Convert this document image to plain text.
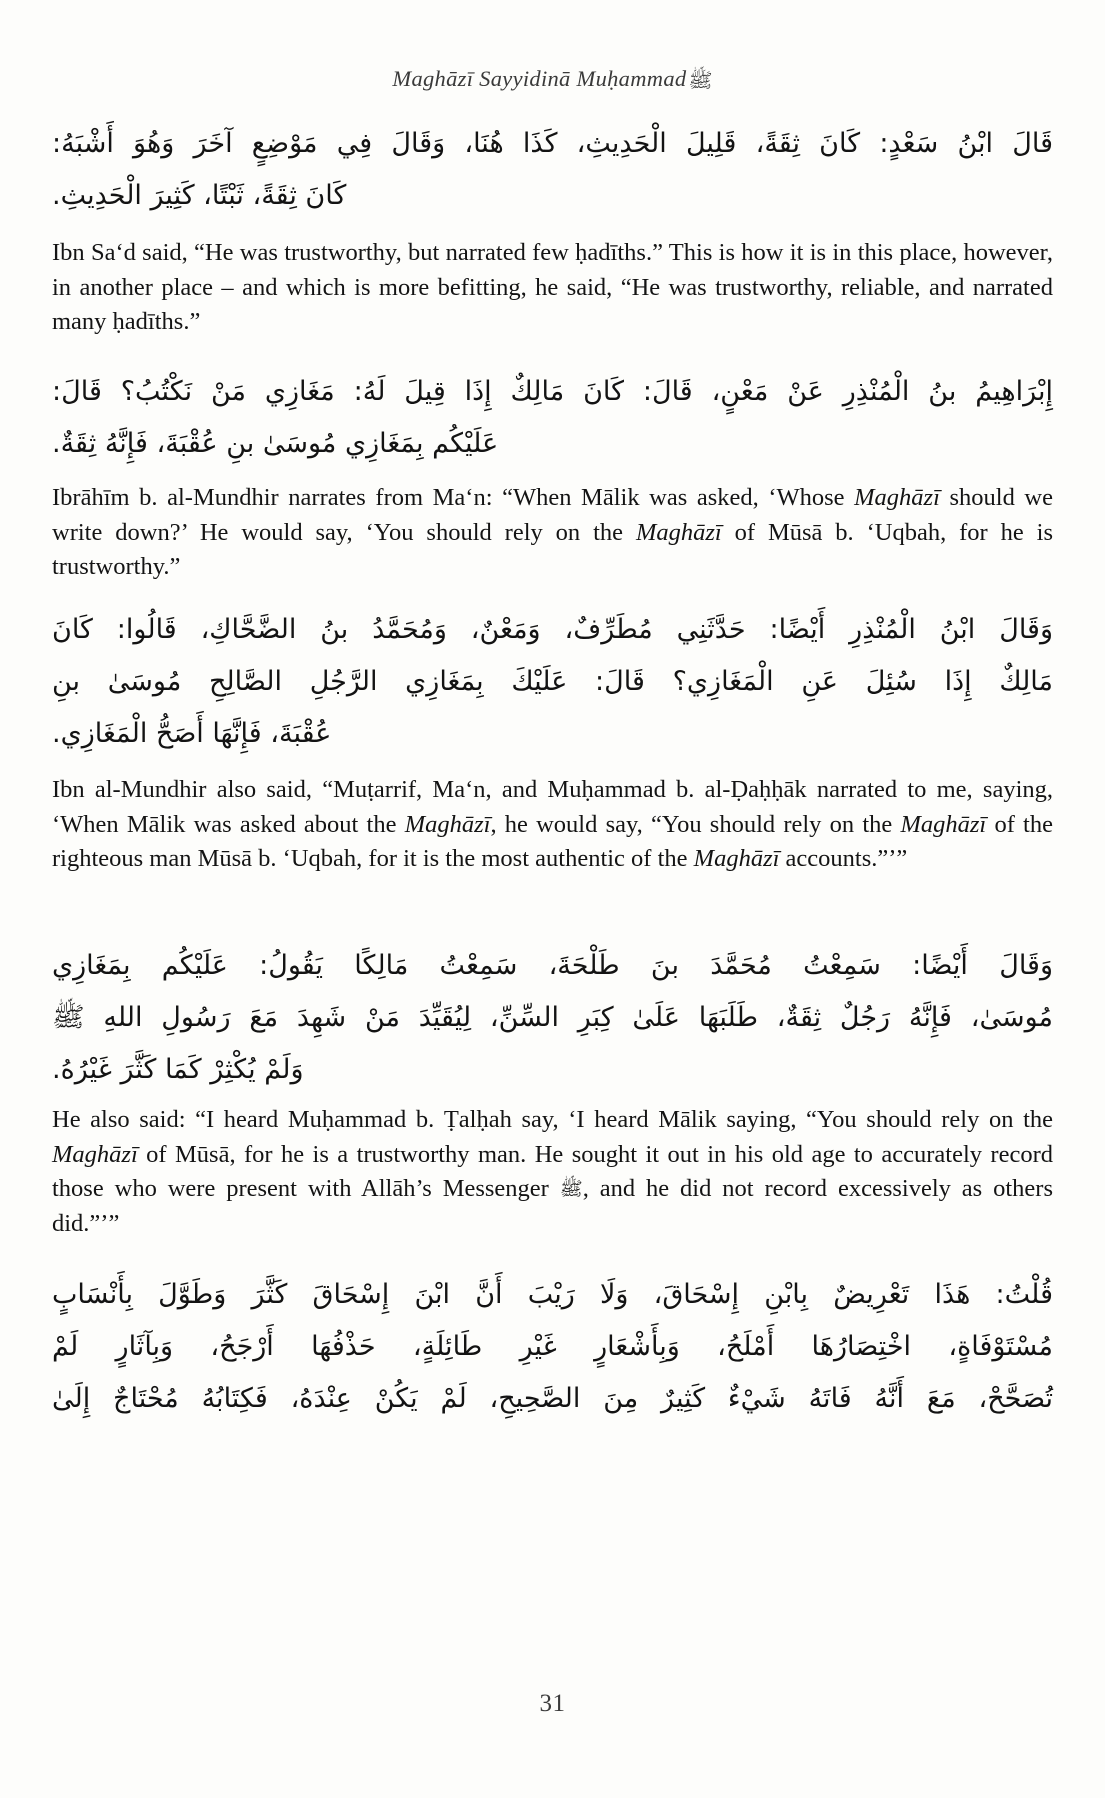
Maghāzī Sayyidinā Muḥammad ﷺ
قَالَ ابْنُ سَعْدٍ: كَانَ ثِقَةً، قَلِيلَ الْحَدِيثِ، كَذَا هُنَا، وَقَالَ فِي مَوْضِعٍ آخَرَ وَهُوَ أَشْبَهُ:
كَانَ ثِقَةً، ثَبْتًا، كَثِيرَ الْحَدِيثِ.
Ibn Sa‘d said, “He was trustworthy, but narrated few ḥadīths.” This is how it is in this place, however, in another place – and which is more befitting, he said, “He was trustworthy, reliable, and narrated many ḥadīths.”
إِبْرَاهِيمُ بنُ الْمُنْذِرِ عَنْ مَعْنٍ، قَالَ: كَانَ مَالِكٌ إِذَا قِيلَ لَهُ: مَغَازِي مَنْ نَكْتُبُ؟ قَالَ:
عَلَيْكُم بِمَغَازِي مُوسَىٰ بنِ عُقْبَةَ، فَإِنَّهُ ثِقَةٌ.
Ibrāhīm b. al-Mundhir narrates from Ma‘n: “When Mālik was asked, ‘Whose Maghāzī should we write down?’ He would say, ‘You should rely on the Maghāzī of Mūsā b. ‘Uqbah, for he is trustworthy.”
وَقَالَ ابْنُ الْمُنْذِرِ أَيْضًا: حَدَّثَنِي مُطَرِّفٌ، وَمَعْنٌ، وَمُحَمَّدُ بنُ الضَّحَّاكِ، قَالُوا: كَانَ
مَالِكٌ إِذَا سُئِلَ عَنِ الْمَغَازِي؟ قَالَ: عَلَيْكَ بِمَغَازِي الرَّجُلِ الصَّالِحِ مُوسَىٰ بنِ
عُقْبَةَ، فَإِنَّهَا أَصَحُّ الْمَغَازِي.
Ibn al-Mundhir also said, “Muṭarrif, Ma‘n, and Muḥammad b. al-Ḍaḥḥāk narrated to me, saying, ‘When Mālik was asked about the Maghāzī, he would say, “You should rely on the Maghāzī of the righteous man Mūsā b. ‘Uqbah, for it is the most authentic of the Maghāzī accounts.”’”
وَقَالَ أَيْضًا: سَمِعْتُ مُحَمَّدَ بنَ طَلْحَةَ، سَمِعْتُ مَالِكًا يَقُولُ: عَلَيْكُم بِمَغَازِي
مُوسَىٰ، فَإِنَّهُ رَجُلٌ ثِقَةٌ، طَلَبَهَا عَلَىٰ كِبَرِ السِّنِّ، لِيُقَيِّدَ مَنْ شَهِدَ مَعَ رَسُولِ اللهِ ﷺ
وَلَمْ يُكْثِرْ كَمَا كَثَّرَ غَيْرُهُ.
He also said: “I heard Muḥammad b. Ṭalḥah say, ‘I heard Mālik saying, “You should rely on the Maghāzī of Mūsā, for he is a trustworthy man. He sought it out in his old age to accurately record those who were present with Allāh’s Messenger ﷺ, and he did not record excessively as others did.”’”
قُلْتُ: هَذَا تَعْرِيضٌ بِابْنِ إِسْحَاقَ، وَلَا رَيْبَ أَنَّ ابْنَ إِسْحَاقَ كَثَّرَ وَطَوَّلَ بِأَنْسَابٍ
مُسْتَوْفَاةٍ، اخْتِصَارُهَا أَمْلَحُ، وَبِأَشْعَارٍ غَيْرِ طَائِلَةٍ، حَذْفُهَا أَرْجَحُ، وَبِآثَارٍ لَمْ
تُصَحَّحْ، مَعَ أَنَّهُ فَاتَهُ شَيْءٌ كَثِيرٌ مِنَ الصَّحِيحِ، لَمْ يَكُنْ عِنْدَهُ، فَكِتَابُهُ مُحْتَاجٌ إِلَىٰ
31
